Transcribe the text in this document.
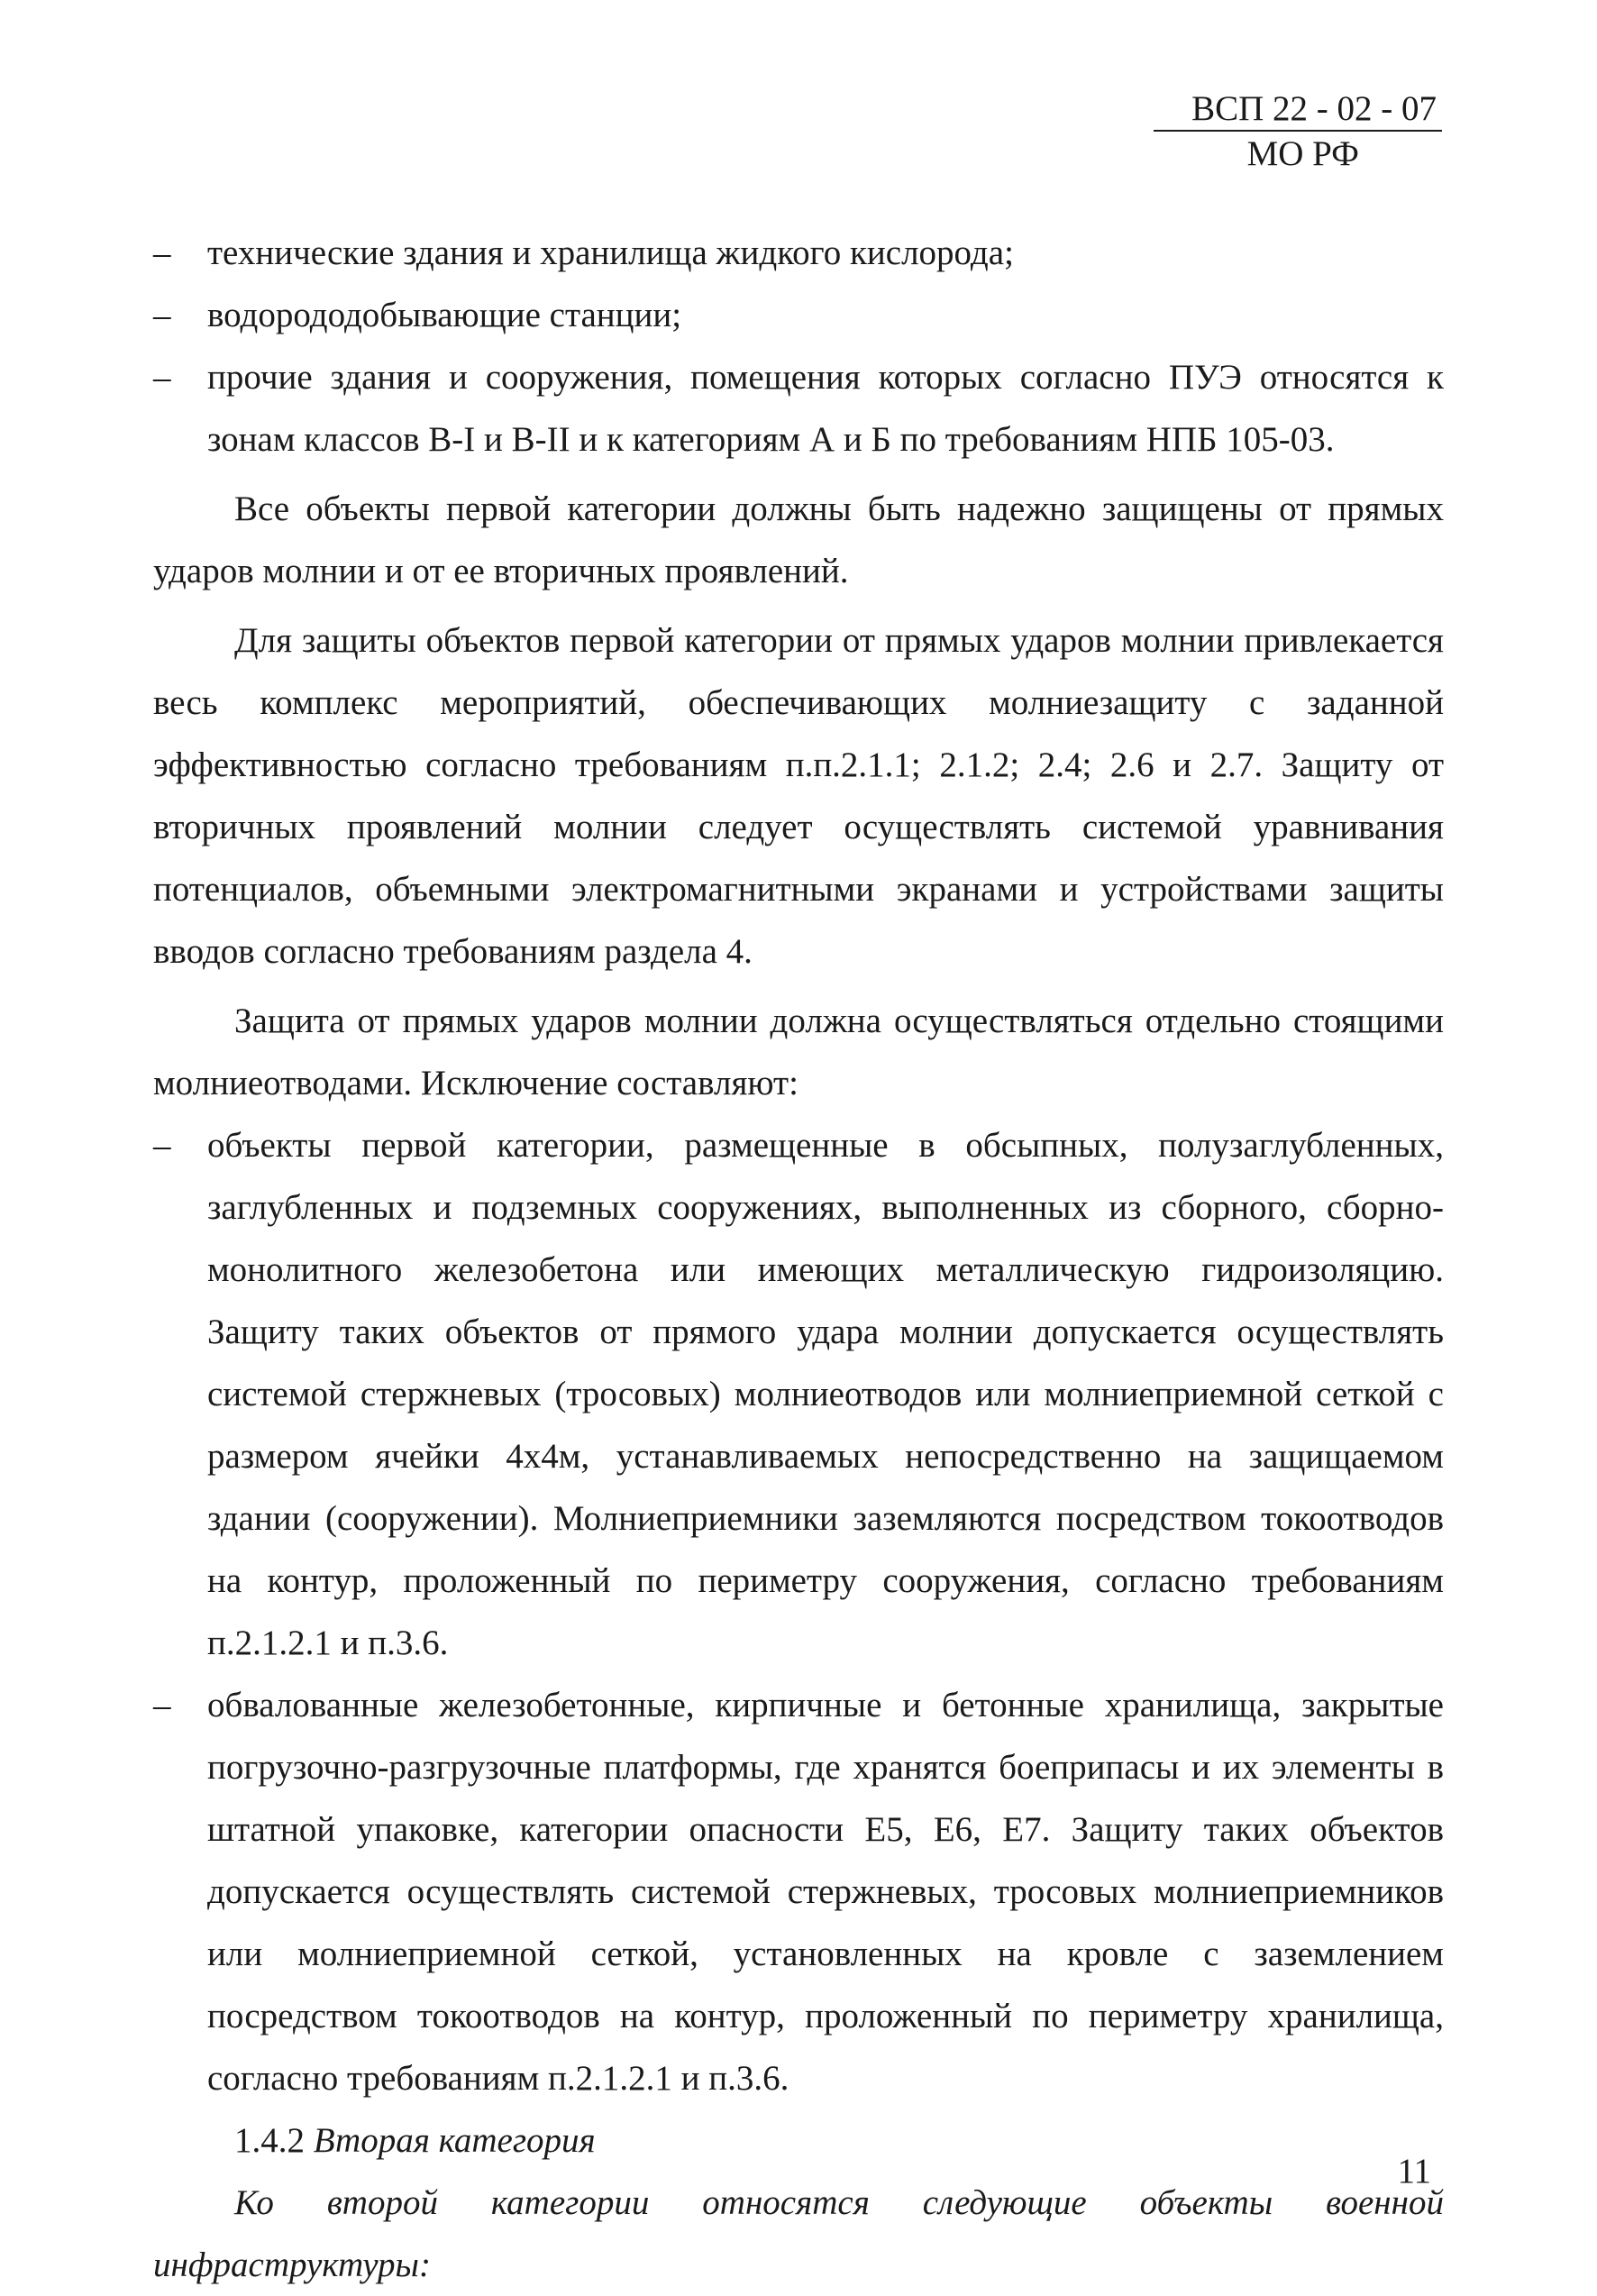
ВСП 22 - 02 - 07
МО РФ

– технические здания и хранилища жидкого кислорода;

– водорододобывающие станции;

– прочие здания и сооружения, помещения которых согласно ПУЭ относятся к зонам классов В-I и В-II и к категориям А и Б по требованиям НПБ 105-03.

Все объекты первой категории должны быть надежно защищены от прямых ударов молнии и от ее вторичных проявлений.

Для защиты объектов первой категории от прямых ударов молнии привлекается весь комплекс мероприятий, обеспечивающих молниезащиту с заданной эффективностью согласно требованиям п.п.2.1.1; 2.1.2; 2.4; 2.6 и 2.7. Защиту от вторичных проявлений молнии следует осуществлять системой уравнивания потенциалов, объемными электромагнитными экранами и устройствами защиты вводов согласно требованиям раздела 4.

Защита от прямых ударов молнии должна осуществляться отдельно стоящими молниеотводами. Исключение составляют:

– объекты первой категории, размещенные в обсыпных, полузаглубленных, заглубленных и подземных сооружениях, выполненных из сборного, сборно-монолитного железобетона или имеющих металлическую гидроизоляцию. Защиту таких объектов от прямого удара молнии допускается осуществлять системой стержневых (тросовых) молниеотводов или молниеприемной сеткой с размером ячейки 4х4м, устанавливаемых непосредственно на защищаемом здании (сооружении). Молниеприемники заземляются посредством токоотводов на контур, проложенный по периметру сооружения, согласно требованиям п.2.1.2.1 и п.3.6.

– обвалованные железобетонные, кирпичные и бетонные хранилища, закрытые погрузочно-разгрузочные платформы, где хранятся боеприпасы и их элементы в штатной упаковке, категории опасности Е5, Е6, Е7. Защиту таких объектов допускается осуществлять системой стержневых, тросовых молниеприемников или молниеприемной сеткой, установленных на кровле с заземлением посредством токоотводов на контур, проложенный по периметру хранилища, согласно требованиям п.2.1.2.1 и п.3.6.

1.4.2 Вторая категория

Ко второй категории относятся следующие объекты военной инфраструктуры:

11
